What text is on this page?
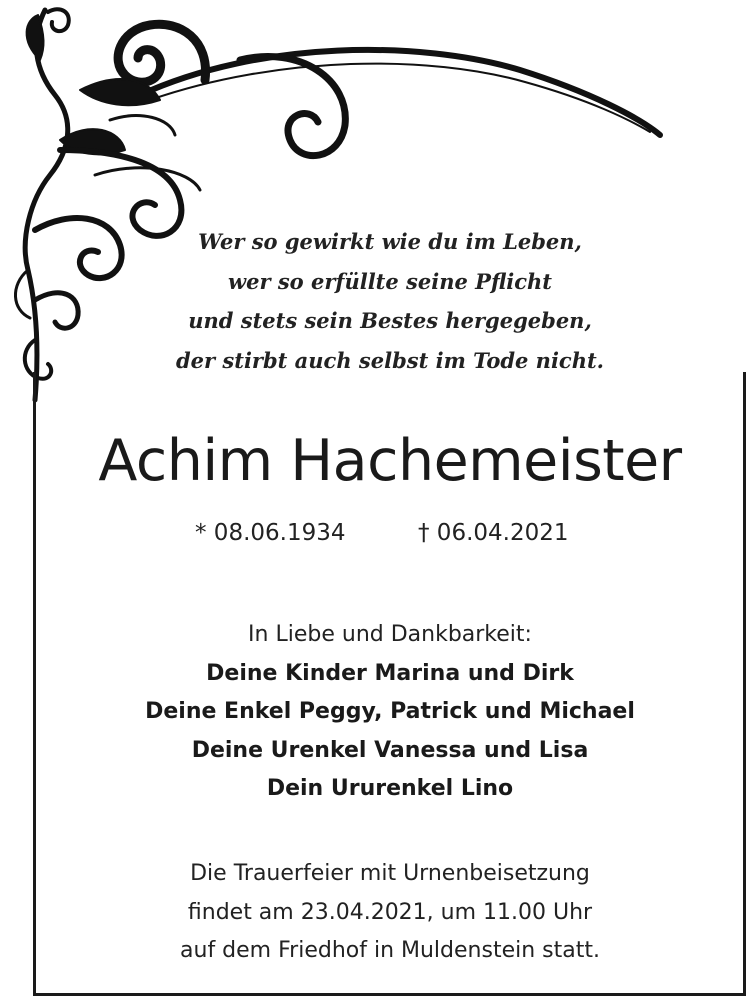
Wer so gewirkt wie du im Leben,
wer so erfüllte seine Pflicht
und stets sein Bestes hergegeben,
der stirbt auch selbst im Tode nicht.
Achim Hachemeister
* 08.06.1934	† 06.04.2021
In Liebe und Dankbarkeit:
Deine Kinder Marina und Dirk
Deine Enkel Peggy, Patrick und Michael
Deine Urenkel Vanessa und Lisa
Dein Ururenkel Lino
Die Trauerfeier mit Urnenbeisetzung
findet am 23.04.2021, um 11.00 Uhr
auf dem Friedhof in Muldenstein statt.
